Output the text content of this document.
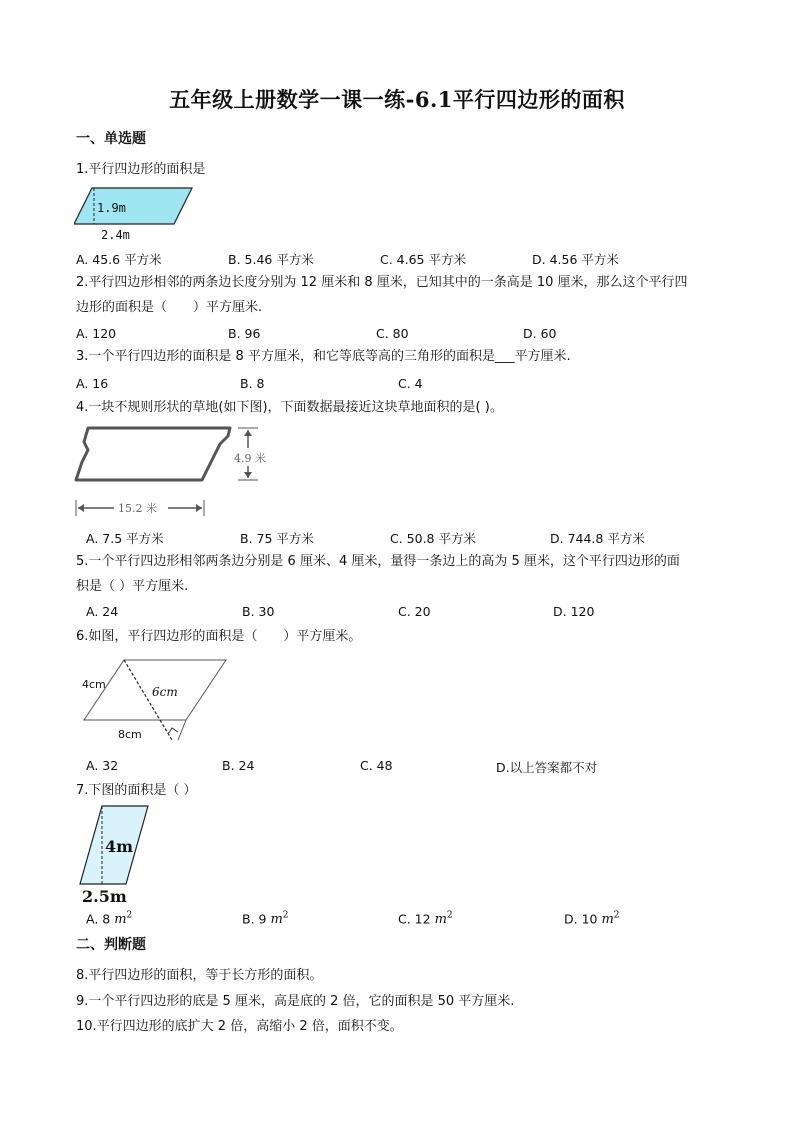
五年级上册数学一课一练-6.1平行四边形的面积
一、单选题
1.平行四边形的面积是
1.9m
2.4m
A. 45.6 平方米	B. 5.46 平方米	C. 4.65 平方米	D. 4.56 平方米
2.平行四边形相邻的两条边长度分别为 12 厘米和 8 厘米，已知其中的一条高是 10 厘米，那么这个平行四
边形的面积是（　　）平方厘米.
A. 120	B. 96	C. 80	D. 60
3.一个平行四边形的面积是 8 平方厘米，和它等底等高的三角形的面积是___平方厘米.
A. 16	B. 8	C. 4
4.一块不规则形状的草地(如下图)，下面数据最接近这块草地面积的是( )。
4.9 米
15.2 米
A. 7.5 平方米	B. 75 平方米	C. 50.8 平方米	D. 744.8 平方米
5.一个平行四边形相邻两条边分别是 6 厘米、4 厘米，量得一条边上的高为 5 厘米，这个平行四边形的面
积是（ ）平方厘米.
A. 24	B. 30	C. 20	D. 120
6.如图，平行四边形的面积是（　　）平方厘米。
4cm
6cm
8cm
A. 32	B. 24	C. 48	D.以上答案都不对
7.下图的面积是（ ）
4m
2.5m
A. 8 $m^2$	B. 9 $m^2$	C. 12 $m^2$	D. 10 $m^2$
二、判断题
8.平行四边形的面积，等于长方形的面积。
9.一个平行四边形的底是 5 厘米，高是底的 2 倍，它的面积是 50 平方厘米.
10.平行四边形的底扩大 2 倍，高缩小 2 倍，面积不变。
